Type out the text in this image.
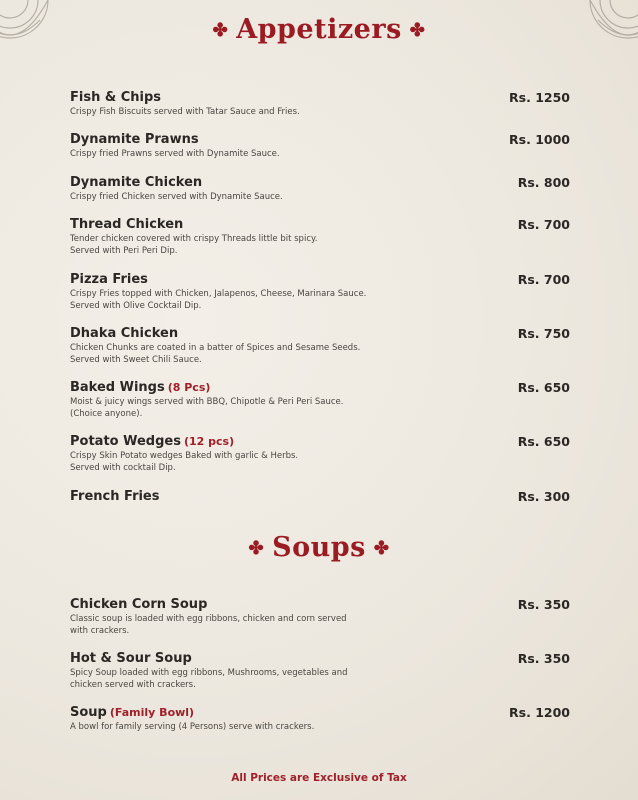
✤ Appetizers ✤
Fish & Chips
Crispy Fish Biscuits served with Tatar Sauce and Fries.
Rs. 1250
Dynamite Prawns
Crispy fried Prawns served with Dynamite Sauce.
Rs. 1000
Dynamite Chicken
Crispy fried Chicken served with Dynamite Sauce.
Rs. 800
Thread Chicken
Tender chicken covered with crispy Threads little bit spicy.
Served with Peri Peri Dip.
Rs. 700
Pizza Fries
Crispy Fries topped with Chicken, Jalapenos, Cheese, Marinara Sauce.
Served with Olive Cocktail Dip.
Rs. 700
Dhaka Chicken
Chicken Chunks are coated in a batter of Spices and Sesame Seeds.
Served with Sweet Chili Sauce.
Rs. 750
Baked Wings (8 Pcs)
Moist & juicy wings served with BBQ, Chipotle & Peri Peri Sauce.
(Choice anyone).
Rs. 650
Potato Wedges (12 pcs)
Crispy Skin Potato wedges Baked with garlic & Herbs.
Served with cocktail Dip.
Rs. 650
French Fries	Rs. 300
✤ Soups ✤
Chicken Corn Soup
Classic soup is loaded with egg ribbons, chicken and corn served
with crackers.
Rs. 350
Hot & Sour Soup
Spicy Soup loaded with egg ribbons, Mushrooms, vegetables and
chicken served with crackers.
Rs. 350
Soup (Family Bowl)
A bowl for family serving (4 Persons) serve with crackers.
Rs. 1200
All Prices are Exclusive of Tax
